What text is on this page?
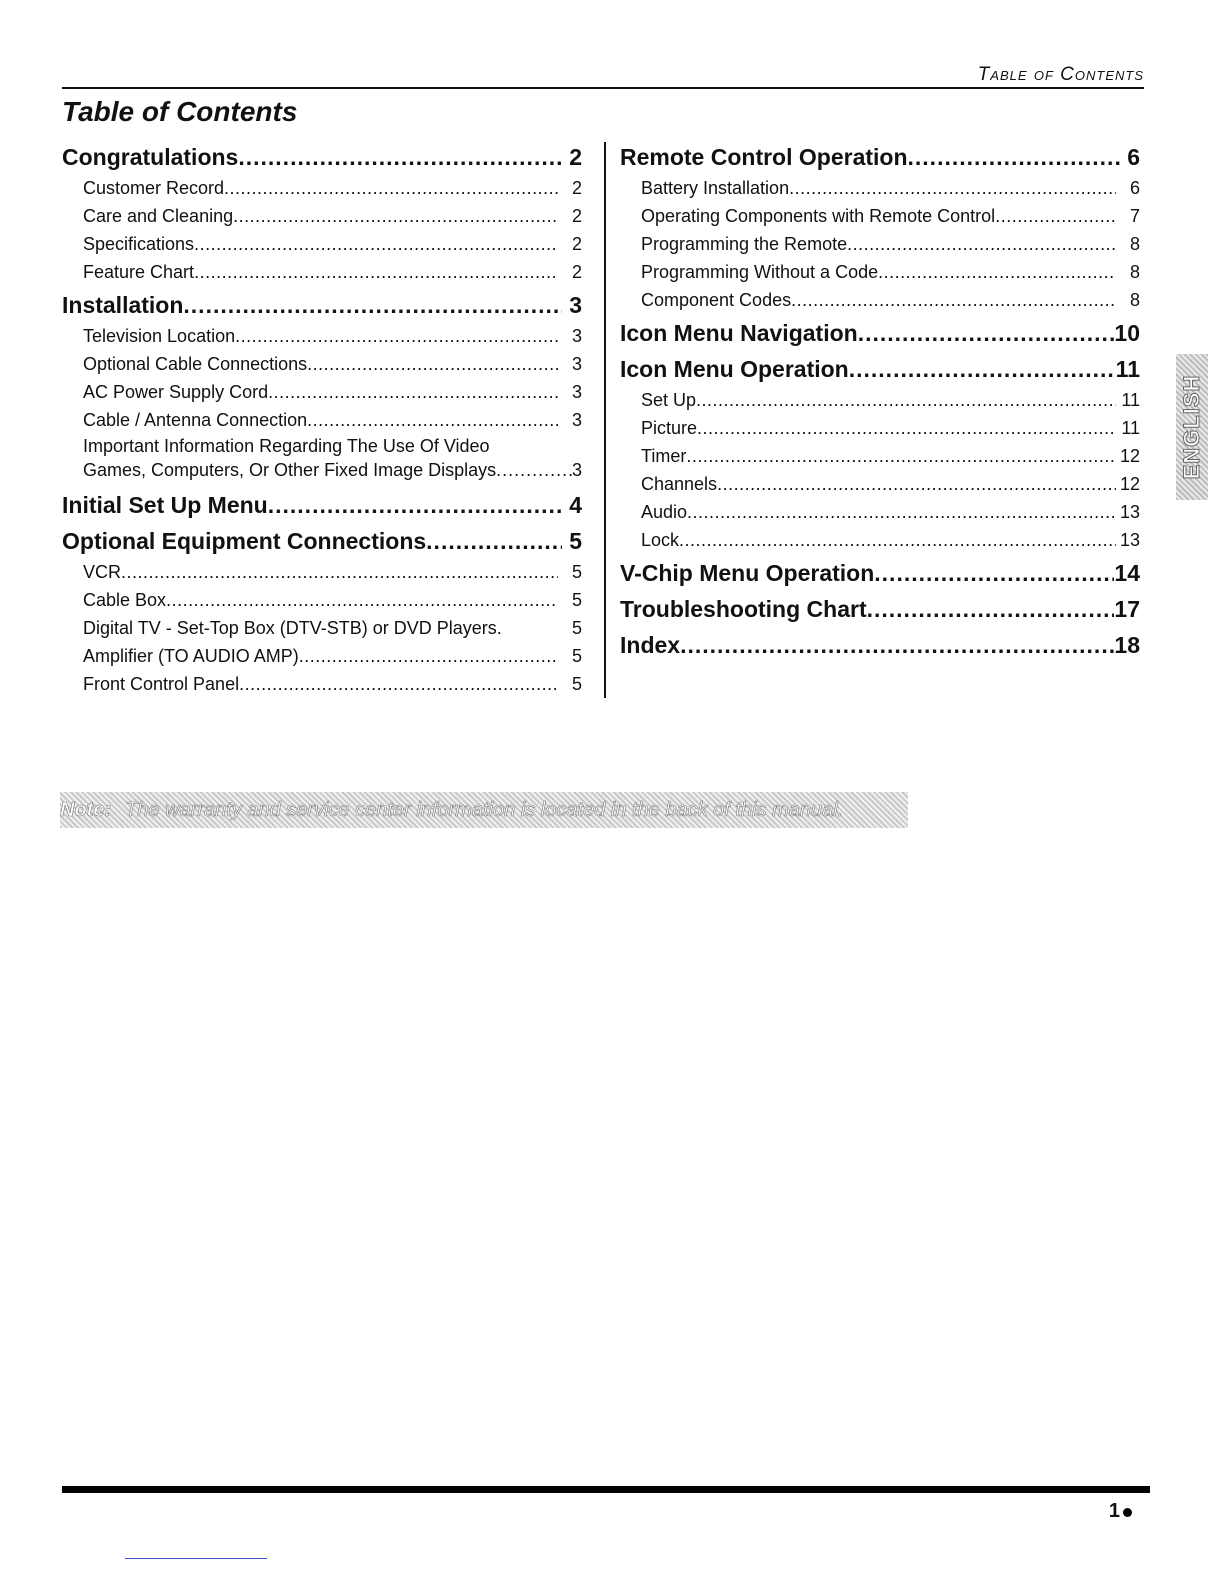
Table of Contents
Table of Contents
Congratulations .....	2
Customer Record .....	2
Care and Cleaning .....	2
Specifications .....	2
Feature Chart .....	2
Installation .....	3
Television Location .....	3
Optional Cable Connections .....	3
AC Power Supply Cord .....	3
Cable / Antenna Connection .....	3
Important Information Regarding The Use Of Video
Games, Computers, Or Other Fixed Image Displays .....	3
Initial Set Up Menu .....	4
Optional Equipment Connections .....	5
VCR .....	5
Cable Box .....	5
Digital TV - Set-Top Box (DTV-STB) or DVD Players.	5
Amplifier (TO AUDIO AMP) .....	5
Front Control Panel .....	5
Remote Control Operation .....	6
Battery Installation .....	6
Operating Components with Remote Control .....	7
Programming the Remote .....	8
Programming Without a Code .....	8
Component Codes .....	8
Icon Menu Navigation .....	10
Icon Menu Operation .....	11
Set Up .....	11
Picture .....	11
Timer .....	12
Channels .....	12
Audio .....	13
Lock .....	13
V-Chip Menu Operation .....	14
Troubleshooting Chart .....	17
Index .....	18
ENGLISH
Note: The warranty and service center information is located in the back of this manual.
1
